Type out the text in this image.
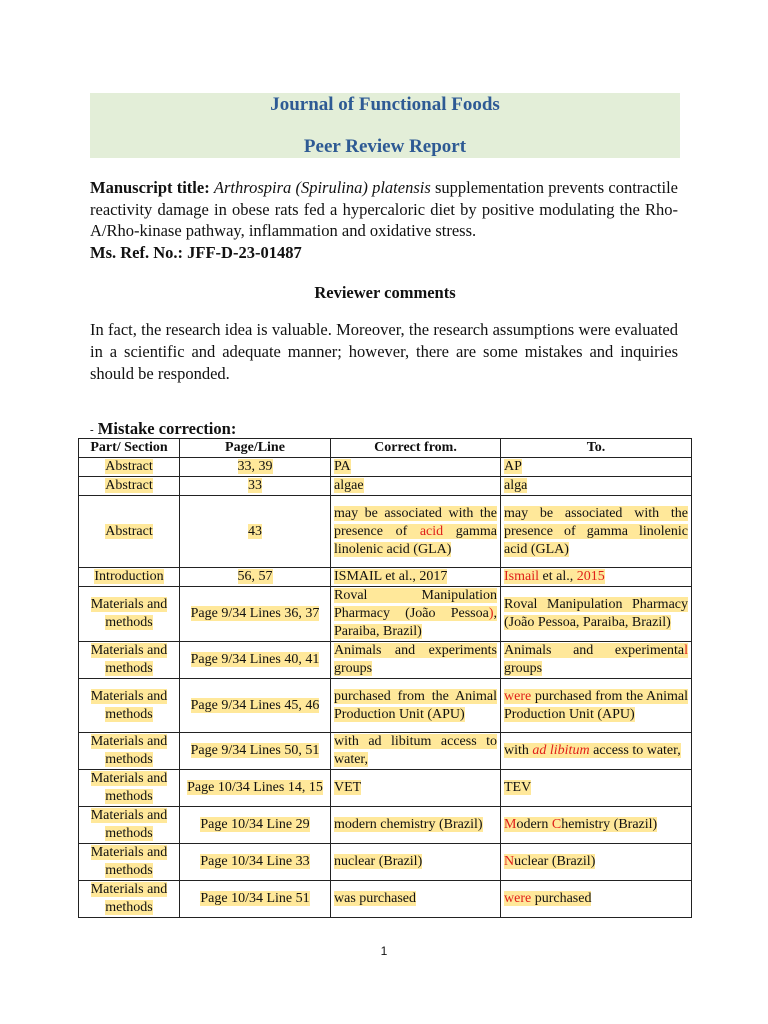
Journal of Functional Foods
Peer Review Report
Manuscript title: Arthrospira (Spirulina) platensis supplementation prevents contractile reactivity damage in obese rats fed a hypercaloric diet by positive modulating the Rho-A/Rho-kinase pathway, inflammation and oxidative stress.
Ms. Ref. No.: JFF-D-23-01487
Reviewer comments
In fact, the research idea is valuable. Moreover, the research assumptions were evaluated in a scientific and adequate manner; however, there are some mistakes and inquiries should be responded.
- Mistake correction:
Part/ Section	Page/Line	Correct from.	To.
Abstract	33, 39	PA	AP
Abstract	33	algae	alga
Abstract	43	may be associated with the presence of acid gamma linolenic acid (GLA)	may be associated with the presence of gamma linolenic acid (GLA)
Introduction	56, 57	ISMAIL et al., 2017	Ismail et al., 2015
Materials and methods	Page 9/34 Lines 36, 37	Roval Manipulation Pharmacy (João Pessoa), Paraiba, Brazil)	Roval Manipulation Pharmacy (João Pessoa, Paraiba, Brazil)
Materials and methods	Page 9/34 Lines 40, 41	Animals and experiments groups	Animals and experimental groups
Materials and methods	Page 9/34 Lines 45, 46	purchased from the Animal Production Unit (APU)	were purchased from the Animal Production Unit (APU)
Materials and methods	Page 9/34 Lines 50, 51	with ad libitum access to water,	with ad libitum access to water,
Materials and methods	Page 10/34 Lines 14, 15	VET	TEV
Materials and methods	Page 10/34 Line 29	modern chemistry (Brazil)	Modern Chemistry (Brazil)
Materials and methods	Page 10/34 Line 33	nuclear (Brazil)	Nuclear (Brazil)
Materials and methods	Page 10/34 Line 51	was purchased	were purchased
1
